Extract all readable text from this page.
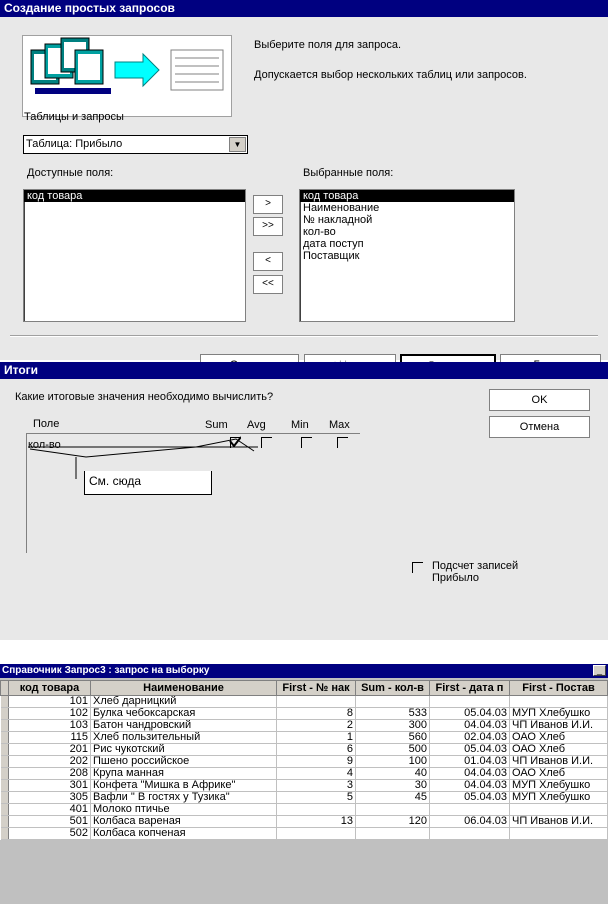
Создание простых запросов
Выберите поля для запроса.
Допускается выбор нескольких таблиц или запросов.
Таблицы и запросы
Таблица: Прибыло	▼
Доступные поля:	Выбранные поля:
код товара
>
>>
<
<<
код товара
Наименование
№ накладной
кол-во
дата поступ
Поставщик
Итоги
Какие итоговые значения необходимо вычислить?
Поле	Sum Avg Min Max
кол-во
См. сюда
OK
Отмена
Подсчет записей Прибыло
Справочник Запрос3 : запрос на выборку	_
	код товара	Наименование	First - № нак	Sum - кол-в	First - дата п	First - Постав
	101	Хлеб дарницкий				
	102	Булка чебоксарская	8	533	05.04.03	МУП Хлебушко
	103	Батон чандровский	2	300	04.04.03	ЧП Иванов И.И.
	115	Хлеб пользительный	1	560	02.04.03	ОАО Хлеб
	201	Рис чукотский	6	500	05.04.03	ОАО Хлеб
	202	Пшено российское	9	100	01.04.03	ЧП Иванов И.И.
	208	Крупа манная	4	40	04.04.03	ОАО Хлеб
	301	Конфета "Мишка в Африке"	3	30	04.04.03	МУП Хлебушко
	305	Вафли " В гостях у Тузика"	5	45	05.04.03	МУП Хлебушко
	401	Молоко птичье				
	501	Колбаса вареная	13	120	06.04.03	ЧП Иванов И.И.
	502	Колбаса копченая				
